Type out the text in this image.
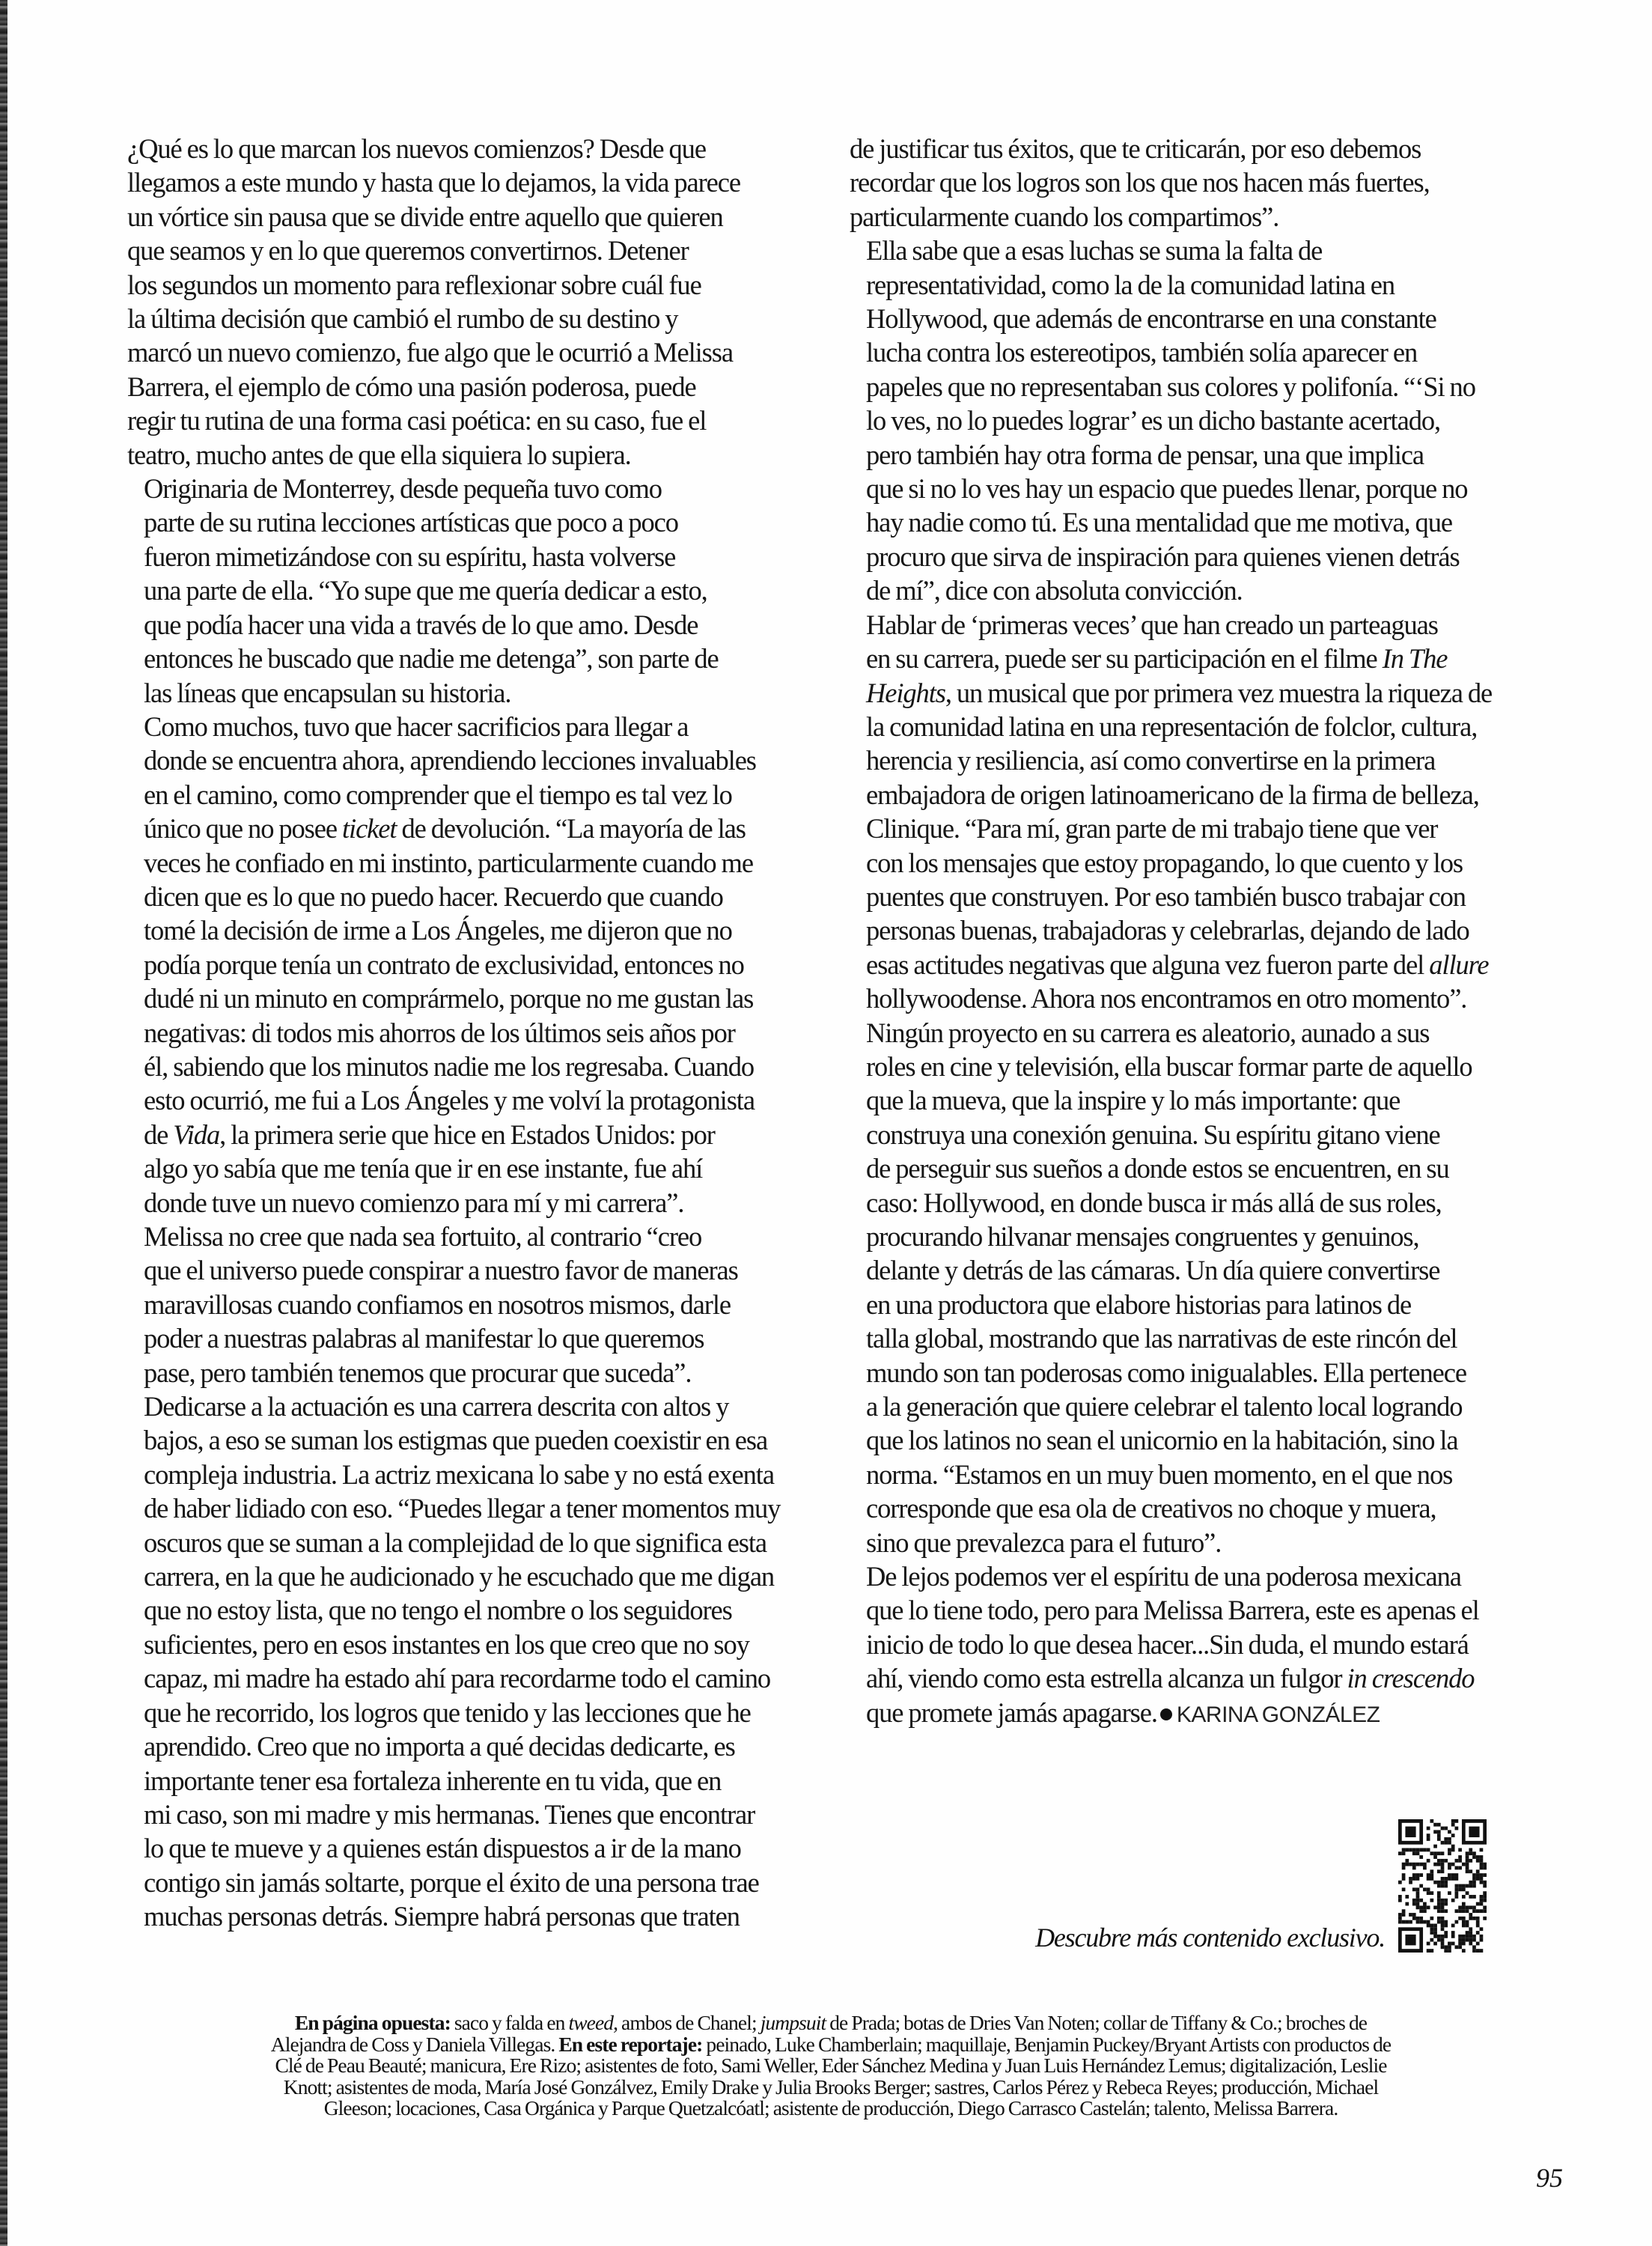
¿Qué es lo que marcan los nuevos comienzos? Desde que
llegamos a este mundo y hasta que lo dejamos, la vida parece
un vórtice sin pausa que se divide entre aquello que quieren
que seamos y en lo que queremos convertirnos. Detener
los segundos un momento para reflexionar sobre cuál fue
la última decisión que cambió el rumbo de su destino y
marcó un nuevo comienzo, fue algo que le ocurrió a Melissa
Barrera, el ejemplo de cómo una pasión poderosa, puede
regir tu rutina de una forma casi poética: en su caso, fue el
teatro, mucho antes de que ella siquiera lo supiera.

Originaria de Monterrey, desde pequeña tuvo como
parte de su rutina lecciones artísticas que poco a poco
fueron mimetizándose con su espíritu, hasta volverse
una parte de ella. “Yo supe que me quería dedicar a esto,
que podía hacer una vida a través de lo que amo. Desde
entonces he buscado que nadie me detenga”, son parte de
las líneas que encapsulan su historia.

Como muchos, tuvo que hacer sacrificios para llegar a
donde se encuentra ahora, aprendiendo lecciones invaluables
en el camino, como comprender que el tiempo es tal vez lo
único que no posee ticket de devolución. “La mayoría de las
veces he confiado en mi instinto, particularmente cuando me
dicen que es lo que no puedo hacer. Recuerdo que cuando
tomé la decisión de irme a Los Ángeles, me dijeron que no
podía porque tenía un contrato de exclusividad, entonces no
dudé ni un minuto en comprármelo, porque no me gustan las
negativas: di todos mis ahorros de los últimos seis años por
él, sabiendo que los minutos nadie me los regresaba. Cuando
esto ocurrió, me fui a Los Ángeles y me volví la protagonista
de Vida, la primera serie que hice en Estados Unidos: por
algo yo sabía que me tenía que ir en ese instante, fue ahí
donde tuve un nuevo comienzo para mí y mi carrera”.

Melissa no cree que nada sea fortuito, al contrario “creo
que el universo puede conspirar a nuestro favor de maneras
maravillosas cuando confiamos en nosotros mismos, darle
poder a nuestras palabras al manifestar lo que queremos
pase, pero también tenemos que procurar que suceda”.

Dedicarse a la actuación es una carrera descrita con altos y
bajos, a eso se suman los estigmas que pueden coexistir en esa
compleja industria. La actriz mexicana lo sabe y no está exenta
de haber lidiado con eso. “Puedes llegar a tener momentos muy
oscuros que se suman a la complejidad de lo que significa esta
carrera, en la que he audicionado y he escuchado que me digan
que no estoy lista, que no tengo el nombre o los seguidores
suficientes, pero en esos instantes en los que creo que no soy
capaz, mi madre ha estado ahí para recordarme todo el camino
que he recorrido, los logros que tenido y las lecciones que he
aprendido. Creo que no importa a qué decidas dedicarte, es
importante tener esa fortaleza inherente en tu vida, que en
mi caso, son mi madre y mis hermanas. Tienes que encontrar
lo que te mueve y a quienes están dispuestos a ir de la mano
contigo sin jamás soltarte, porque el éxito de una persona trae
muchas personas detrás. Siempre habrá personas que traten

de justificar tus éxitos, que te criticarán, por eso debemos
recordar que los logros son los que nos hacen más fuertes,
particularmente cuando los compartimos”.

Ella sabe que a esas luchas se suma la falta de
representatividad, como la de la comunidad latina en
Hollywood, que además de encontrarse en una constante
lucha contra los estereotipos, también solía aparecer en
papeles que no representaban sus colores y polifonía. “‘Si no
lo ves, no lo puedes lograr’ es un dicho bastante acertado,
pero también hay otra forma de pensar, una que implica
que si no lo ves hay un espacio que puedes llenar, porque no
hay nadie como tú. Es una mentalidad que me motiva, que
procuro que sirva de inspiración para quienes vienen detrás
de mí”, dice con absoluta convicción.

Hablar de ‘primeras veces’ que han creado un parteaguas
en su carrera, puede ser su participación en el filme In The
Heights, un musical que por primera vez muestra la riqueza de
la comunidad latina en una representación de folclor, cultura,
herencia y resiliencia, así como convertirse en la primera
embajadora de origen latinoamericano de la firma de belleza,
Clinique. “Para mí, gran parte de mi trabajo tiene que ver
con los mensajes que estoy propagando, lo que cuento y los
puentes que construyen. Por eso también busco trabajar con
personas buenas, trabajadoras y celebrarlas, dejando de lado
esas actitudes negativas que alguna vez fueron parte del allure
hollywoodense. Ahora nos encontramos en otro momento”.

Ningún proyecto en su carrera es aleatorio, aunado a sus
roles en cine y televisión, ella buscar formar parte de aquello
que la mueva, que la inspire y lo más importante: que
construya una conexión genuina. Su espíritu gitano viene
de perseguir sus sueños a donde estos se encuentren, en su
caso: Hollywood, en donde busca ir más allá de sus roles,
procurando hilvanar mensajes congruentes y genuinos,
delante y detrás de las cámaras. Un día quiere convertirse
en una productora que elabore historias para latinos de
talla global, mostrando que las narrativas de este rincón del
mundo son tan poderosas como inigualables. Ella pertenece
a la generación que quiere celebrar el talento local logrando
que los latinos no sean el unicornio en la habitación, sino la
norma. “Estamos en un muy buen momento, en el que nos
corresponde que esa ola de creativos no choque y muera,
sino que prevalezca para el futuro”.

De lejos podemos ver el espíritu de una poderosa mexicana
que lo tiene todo, pero para Melissa Barrera, este es apenas el
inicio de todo lo que desea hacer...Sin duda, el mundo estará
ahí, viendo como esta estrella alcanza un fulgor in crescendo
que promete jamás apagarse. KARINA GONZÁLEZ

Descubre más contenido exclusivo.
En página opuesta: saco y falda en tweed, ambos de Chanel; jumpsuit de Prada; botas de Dries Van Noten; collar de Tiffany & Co.; broches de
Alejandra de Coss y Daniela Villegas. En este reportaje: peinado, Luke Chamberlain; maquillaje, Benjamin Puckey/Bryant Artists con productos de
Clé de Peau Beauté; manicura, Ere Rizo; asistentes de foto, Sami Weller, Eder Sánchez Medina y Juan Luis Hernández Lemus; digitalización, Leslie
Knott; asistentes de moda, María José Gonzálvez, Emily Drake y Julia Brooks Berger; sastres, Carlos Pérez y Rebeca Reyes; producción, Michael
Gleeson; locaciones, Casa Orgánica y Parque Quetzalcóatl; asistente de producción, Diego Carrasco Castelán; talento, Melissa Barrera.
95
